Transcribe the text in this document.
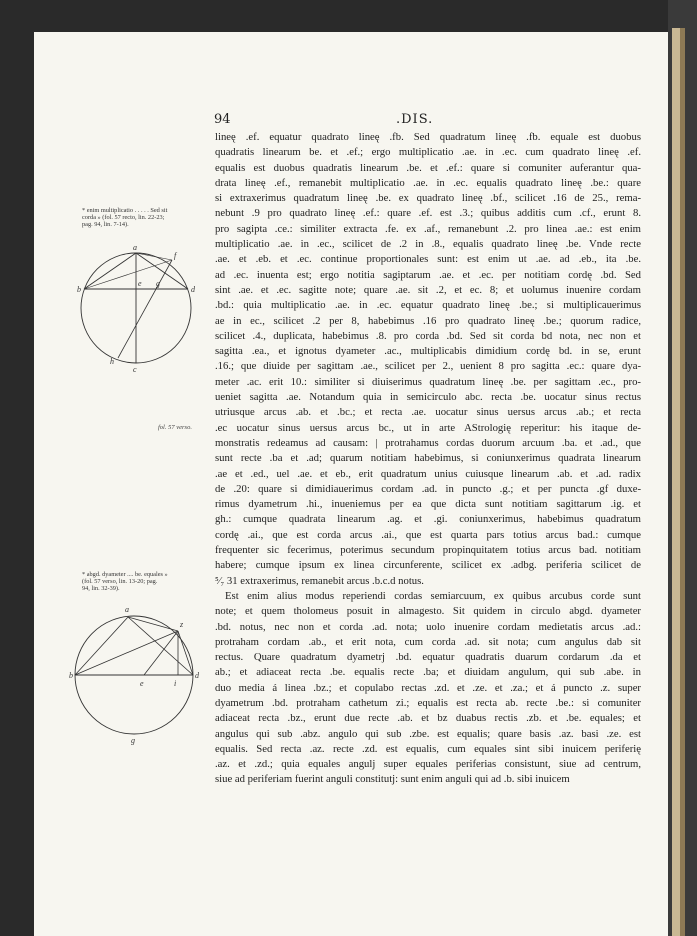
94	.DIS.
* enim multiplicatio . . . . . Sed sit
corda » (fol. 57 recto, lin. 22-23;
pag. 94, lin. 7-14).
a
f
b
e g
d
c
h
fol. 57 verso.
* abgd. dyameter .... be. equales »
(fol. 57 verso, lin. 13-20; pag.
94, lin. 32-39).
a
z
b
e	i
d
g
lineę .ef. equatur quadrato lineę .fb. Sed quadratum lineę .fb. equale est duobus
quadratis linearum be. et .ef.; ergo multiplicatio .ae. in .ec. cum quadrato lineę .ef.
equalis est duobus quadratis linearum .be. et .ef.: quare si comuniter auferantur qua-
drata lineę .ef., remanebit multiplicatio .ae. in .ec. equalis quadrato lineę .be.: quare
si extraxerimus quadratum lineę .be. ex quadrato lineę .bf., scilicet .16 de 25., rema-
nebunt .9 pro quadrato lineę .ef.: quare .ef. est .3.; quibus additis cum .cf., erunt 8.
pro sagipta .ce.: similiter extracta .fe. ex .af., remanebunt .2. pro linea .ae.: est enim
multiplicatio .ae. in .ec., scilicet de .2 in .8., equalis quadrato lineę .be. Vnde recte
.ae. et .eb. et .ec. continue proportionales sunt: est enim ut .ae. ad .eb., ita .be.
ad .ec. inuenta est; ergo notitia sagiptarum .ae. et .ec. per notitiam cordę .bd. Sed
sint .ae. et .ec. sagitte note; quare .ae. sit .2, et ec. 8; et uolumus inuenire cordam
.bd.: quia multiplicatio .ae. in .ec. equatur quadrato lineę .be.; si multiplicauerimus
ae in ec., scilicet .2 per 8, habebimus .16 pro quadrato lineę .be.; quorum radice,
scilicet .4., duplicata, habebimus .8. pro corda .bd. Sed sit corda bd nota, nec non et
sagitta .ea., et ignotus dyameter .ac., multiplicabis dimidium cordę bd. in se, erunt
.16.; que diuide per sagittam .ae., scilicet per 2., uenient 8 pro sagitta .ec.: quare dya-
meter .ac. erit 10.: similiter si diuiserimus quadratum lineę .be. per sagittam .ec., pro-
ueniet sagitta .ae. Notandum quia in semicirculo abc. recta .be. uocatur sinus rectus
utriusque arcus .ab. et .bc.; et recta .ae. uocatur sinus uersus arcus .ab.; et recta
.ec uocatur sinus uersus arcus bc., ut in arte AStrologię reperitur: his itaque de-
monstratis redeamus ad causam: | protrahamus cordas duorum arcuum .ba. et .ad., que
sunt recte .ba et .ad; quarum notitiam habebimus, si coniunxerimus quadrata linearum
.ae et .ed., uel .ae. et eb., erit quadratum unius cuiusque linearum .ab. et .ad. radix
de .20: quare si dimidiauerimus cordam .ad. in puncto .g.; et per puncta .gf duxe-
rimus dyametrum .hi., inueniemus per ea que dicta sunt notitiam sagittarum .ig. et
gh.: cumque quadrata linearum .ag. et .gi. coniunxerimus, habebimus quadratum
cordę .ai., que est corda arcus .ai., que est quarta pars totius arcus bad.: cumque
frequenter sic fecerimus, poterimus secundum propinquitatem totius arcus bad. notitiam
habere; cumque ipsum ex linea circunferente, scilicet ex .adbg. periferia scilicet de
⁵⁄₇ 31 extraxerimus, remanebit arcus .b.c.d notus.
Est enim alius modus reperiendi cordas semiarcuum, ex quibus arcubus corde sunt
note; et quem tholomeus posuit in almagesto. Sit quidem in circulo abgd. dyameter
.bd. notus, nec non et corda .ad. nota; uolo inuenire cordam medietatis arcus .ad.:
protraham cordam .ab., et erit nota, cum corda .ad. sit nota; cum angulus dab sit
rectus. Quare quadratum dyametrj .bd. equatur quadratis duarum cordarum .da et
ab.; et adiaceat recta .be. equalis recte .ba; et diuidam angulum, qui sub .abe. in
duo media á linea .bz.; et copulabo rectas .zd. et .ze. et .za.; et á puncto .z. super
dyametrum .bd. protraham cathetum zi.; equalis est recta ab. recte .be.: si comuniter
adiaceat recta .bz., erunt due recte .ab. et bz duabus rectis .zb. et .be. equales; et
angulus qui sub .abz. angulo qui sub .zbe. est equalis; quare basis .az. basi .ze. est
equalis. Sed recta .az. recte .zd. est equalis, cum equales sint sibi inuicem periferię
.az. et .zd.; quia equales angulj super equales periferias consistunt, siue ad centrum,
siue ad periferiam fuerint anguli constitutj: sunt enim anguli qui ad .b. sibi inuicem
